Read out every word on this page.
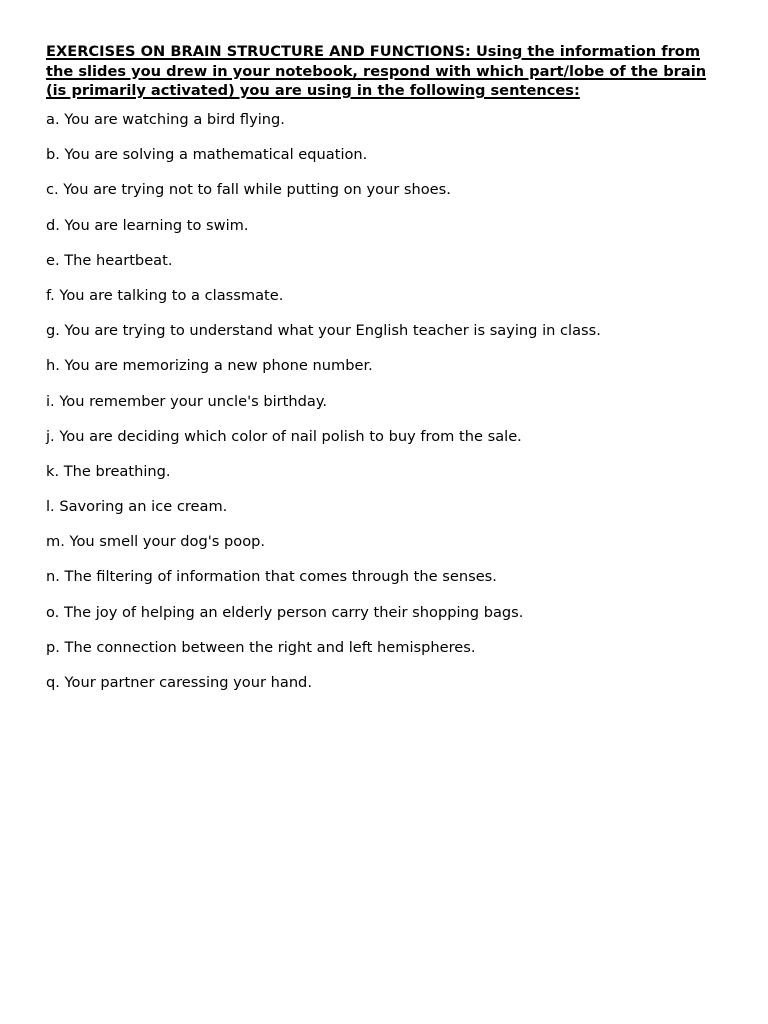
EXERCISES ON BRAIN STRUCTURE AND FUNCTIONS: Using the information from the slides you drew in your notebook, respond with which part/lobe of the brain (is primarily activated) you are using in the following sentences:

a. You are watching a bird flying.
b. You are solving a mathematical equation.
c. You are trying not to fall while putting on your shoes.
d. You are learning to swim.
e. The heartbeat.
f. You are talking to a classmate.
g. You are trying to understand what your English teacher is saying in class.
h. You are memorizing a new phone number.
i. You remember your uncle's birthday.
j. You are deciding which color of nail polish to buy from the sale.
k. The breathing.
l. Savoring an ice cream.
m. You smell your dog's poop.
n. The filtering of information that comes through the senses.
o. The joy of helping an elderly person carry their shopping bags.
p. The connection between the right and left hemispheres.
q. Your partner caressing your hand.
